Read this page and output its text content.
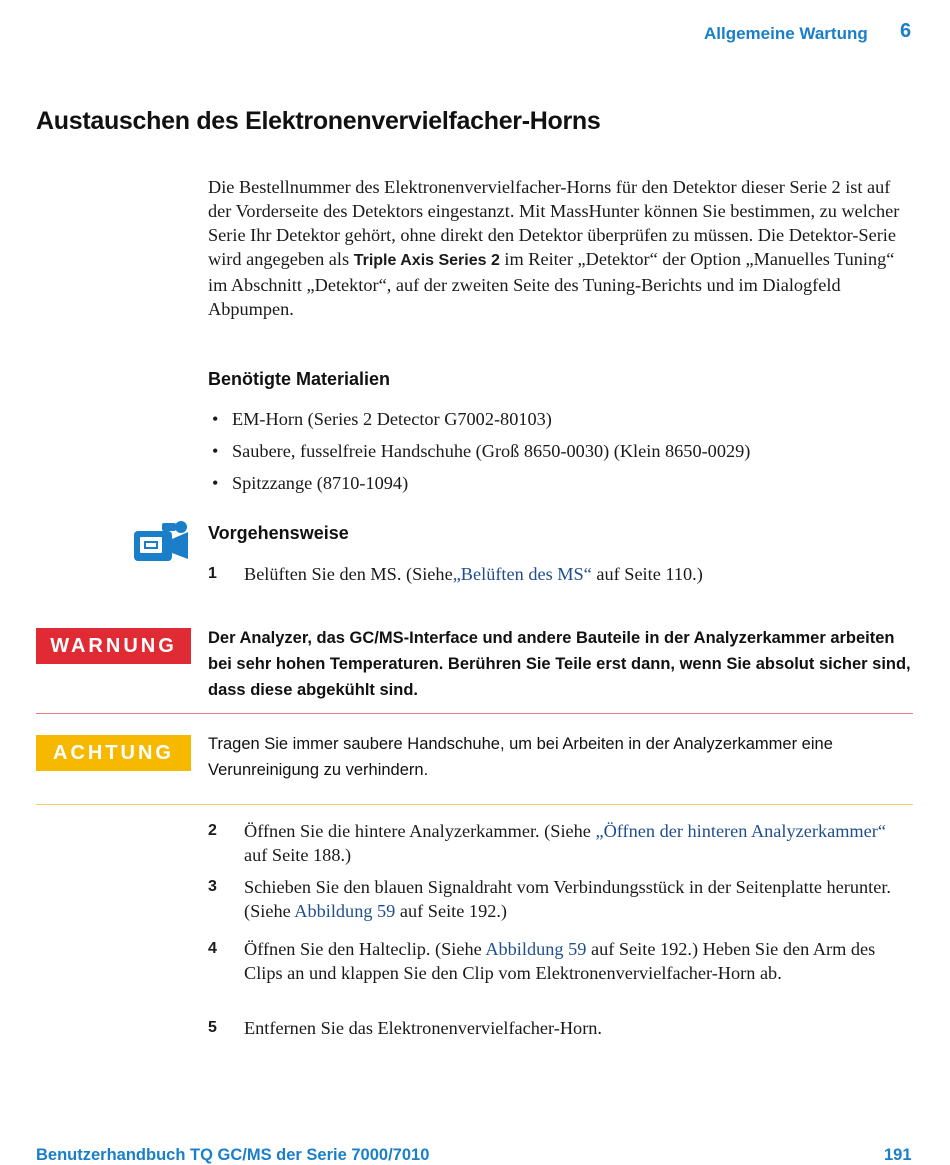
Allgemeine Wartung	6
Austauschen des Elektronenvervielfacher-Horns

Die Bestellnummer des Elektronenvervielfacher-Horns für den Detektor dieser Serie 2 ist auf der Vorderseite des Detektors eingestanzt. Mit MassHunter können Sie bestimmen, zu welcher Serie Ihr Detektor gehört, ohne direkt den Detektor überprüfen zu müssen. Die Detektor-Serie wird angegeben als Triple Axis Series 2 im Reiter „Detektor“ der Option „Manuelles Tuning“ im Abschnitt „Detektor“, auf der zweiten Seite des Tuning-Berichts und im Dialogfeld Abpumpen.

Benötigte Materialien
• EM-Horn (Series 2 Detector G7002-80103)
• Saubere, fusselfreie Handschuhe (Groß 8650-0030) (Klein 8650-0029)
• Spitzzange (8710-1094)
Vorgehensweise
1	Belüften Sie den MS. (Siehe„Belüften des MS“ auf Seite 110.)
WARNUNG	Der Analyzer, das GC/MS-Interface und andere Bauteile in der Analyzerkammer arbeiten bei sehr hohen Temperaturen. Berühren Sie Teile erst dann, wenn Sie absolut sicher sind, dass diese abgekühlt sind.
ACHTUNG	Tragen Sie immer saubere Handschuhe, um bei Arbeiten in der Analyzerkammer eine Verunreinigung zu verhindern.
2	Öffnen Sie die hintere Analyzerkammer. (Siehe „Öffnen der hinteren Analyzerkammer“ auf Seite 188.)
3	Schieben Sie den blauen Signaldraht vom Verbindungsstück in der Seitenplatte herunter. (Siehe Abbildung 59 auf Seite 192.)
4	Öffnen Sie den Halteclip. (Siehe Abbildung 59 auf Seite 192.) Heben Sie den Arm des Clips an und klappen Sie den Clip vom Elektronenvervielfacher-Horn ab.
5	Entfernen Sie das Elektronenvervielfacher-Horn.
Benutzerhandbuch TQ GC/MS der Serie 7000/7010	191
